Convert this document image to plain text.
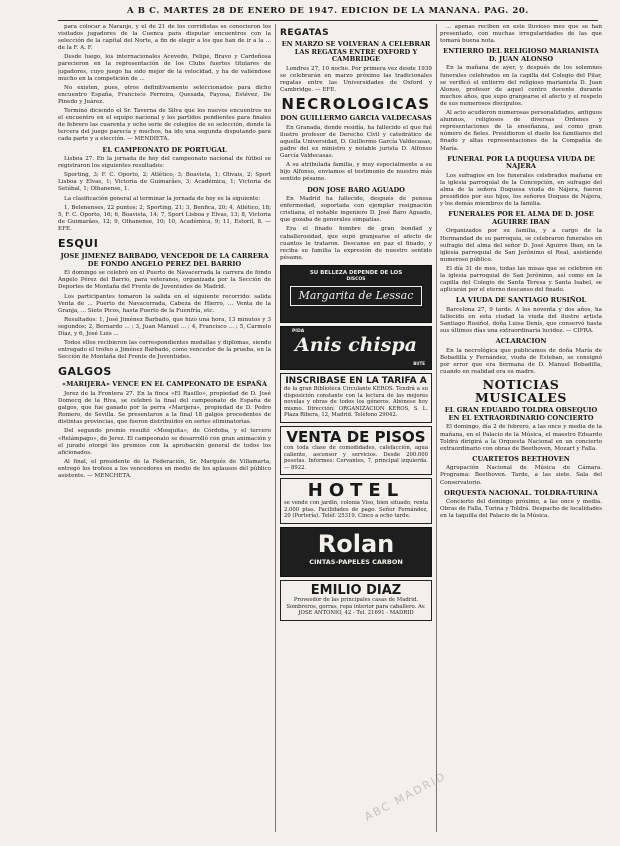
A B C. MARTES 28 DE ENERO DE 1947. EDICION DE LA MAÑANA. PAG. 20.

para colocar a Naranjo, y el de 21 de los corridistas se conocieron los visitados jugadores de la Cuenca para disputar encuentros con la selección de la capital del Norte, a fin de elegir a los que han de ir a la ... de la F. A. F.

Desde luego, los internacionales Acevedo, Felipe, Bravo y Cardeñosa parecieron en la representación de los Clubs fuertes titulares de jugadores, cuyo juego ha sido mejor de la velocidad, y ha de valiéndose mucho en la competición de ...

No existen, pues, otros definitivamente seleccionados para dicho encuentro España, Francisco Ferreira, Quesada, Fayosa, Estévez, De Pinedo y Juárez.

Terminó diciendo el Sr. Taverna de Silva que los nuevos encuentros no el encuentro en el equipo nacional y los partidos pendientes para finales de febrero las cuarenta y ocho serie de colegios de su selección, donde la tercera del juego parecía y muchos, ha ido una segunda disputando para cada parte y a elección. — MENDIETA.

EL CAMPEONATO DE PORTUGAL

Lisboa 27. En la jornada de hoy del campeonato nacional de fútbol se registraron los siguientes resultados:

Sporting, 3; F. C. Oporto, 2; Atlético, 3; Boavista, 1; Olivais, 2; Sport Lisboa y Elvas, 1; Victoria de Guimarães, 3; Académica, 1; Victoria de Setúbal, 1; Olhanense, 1.

La clasificación general al terminar la jornada de hoy es la siguiente:

1, Belenenses, 22 puntos; 2, Sporting, 21; 3, Benfica, 20; 4, Atlético, 18; 5, F. C. Oporto, 16; 6, Boavista, 14; 7, Sport Lisboa y Elvas, 13; 8, Victoria de Guimarães, 12; 9, Olhanense, 10; 10, Académica, 9; 11, Estoril, 8. — EFE.

ESQUI
JOSE JIMENEZ BARBADO, VENCEDOR DE LA CARRERA DE FONDO ANGELO PEREZ DEL BARRIO

El domingo se celebró en el Puerto de Navacerrada la carrera de fondo Ángelo Pérez del Barrio, para veteranos, organizada por la Sección de Deportes de Montaña del Frente de Juventudes de Madrid.

Los participantes tomaron la salida en el siguiente recorrido: salida Venta de ... Puerto de Navacerrada, Cabeza de Hierro, ... Venta de la Granja, ... Siete Picos, hasta Puerto de la Fuenfría, etc.

Resultados: 1, José Jiménez Barbado, que hizo una hora, 13 minutos y 3 segundos; 2, Bernardo ... ; 3, Juan Manuel ... ; 4, Francisco ... ; 5, Carmelo Díaz, y 6, José Luis ...

Todos ellos recibieron las correspondientes medallas y diplomas, siendo entregado el trofeo a Jiménez Barbado, como vencedor de la prueba, en la Sección de Montaña del Frente de Juventudes.

GALGOS
«MARIJERA» VENCE EN EL CAMPEONATO DE ESPAÑA

Jerez de la Frontera 27. En la finca «El Rasillo», propiedad de D. José Domecq de la Riva, se celebró la final del campeonato de España de galgos, que fue ganado por la perra «Marijera», propiedad de D. Pedro Romero, de Sevilla. Se presentaron a la final 18 galgos procedentes de distintas provincias, que fueron distribuidos en series eliminatorias.

Del segundo premio resultó «Mosquita», de Córdoba, y el tercero «Relámpago», de Jerez. El campeonato se desarrolló con gran animación y el jurado otorgó los premios con la aprobación general de todos los aficionados.

Al final, el presidente de la Federación, Sr. Marqués de Villamarta, entregó los trofeos a los vencedores en medio de los aplausos del público asistente. — MENCHETA.

REGATAS
EN MARZO SE VOLVERAN A CELEBRAR LAS REGATAS ENTRE OXFORD Y CAMBRIDGE

Londres 27, 10 noche. Por primera vez desde 1939 se celebrarán en marzo próximo las tradicionales regatas entre las Universidades de Oxford y Cambridge. — EFE.

NECROLOGICAS
DON GUILLERMO GARCIA VALDECASAS

En Granada, donde residía, ha fallecido el que fué ilustre profesor de Derecho Civil y catedrático de aquella Universidad, D. Guillermo García Valdecasas, padre del ex ministro y notable jurista D. Alfonso García Valdecasas.

A su atribulada familia, y muy especialmente a su hijo Alfonso, enviamos el testimonio de nuestro más sentido pésame.

DON JOSE BARO AGUADO

En Madrid ha fallecido, después de penosa enfermedad, soportada con ejemplar resignación cristiana, el notable ingeniero D. José Baro Aguado, que gozaba de generales simpatías.

Era el finado hombre de gran bondad y caballerosidad, que supo granjearse el afecto de cuantos le trataron. Descanse en paz el finado, y reciba su familia la expresión de nuestro sentido pésame.

SU BELLEZA DEPENDE DE LOS
DISCOS
Margarita de Lessac
PIDA
Anis chispa
BUTE
INSCRIBASE EN LA TARIFA A
de la gran Biblioteca Circulante KEROS. Tendrá a su disposición constante con la lectura de las mejores novelas y obras de todos los géneros. Abónese hoy mismo. Dirección: ORGANIZACION KEROS, S. L. Plaza Ribera, 12, Madrid. Teléfono 29042.
VENTA DE PISOS
con toda clase de comodidades, calefacción, agua caliente, ascensor y servicios. Desde 200.000 pesetas. Informes: Cervantes, 7, principal izquierda. — 8922.
HOTEL
se vende con jardín, colonia Viso, bien situado, renta 2.000 ptas. Facilidades de pago. Señor Fernández, 20 (Portería). Teléf. 25319. Cinco a ocho tarde.
Rolan
CINTAS-PAPELES CARBON
EMILIO DIAZ
Proveedor de las principales casas de Madrid. Sombreros, gorras, ropa interior para caballero. Av. JOSE ANTONIO, 42 - Tel. 21691 - MADRID

... apenas reciben en este lluvioso mes que se han presentado, con muchas irregularidades de las que tomará buena nota.

ENTIERRO DEL RELIGIOSO MARIANISTA D. JUAN ALONSO

En la mañana de ayer, y después de los solemnes funerales celebrados en la capilla del Colegio del Pilar, se verificó el entierro del religioso marianista D. Juan Alonso, profesor de aquel centro docente durante muchos años, que supo granjearse el afecto y el respeto de sus numerosos discípulos.

Al acto acudieron numerosas personalidades, antiguos alumnos, religiosos de diversas Órdenes y representaciones de la enseñanza, así como gran número de fieles. Presidieron el duelo los familiares del finado y altas representaciones de la Compañía de María.

FUNERAL POR LA DUQUESA VIUDA DE NAJERA

Los sufragios en los funerales celebrados mañana en la iglesia parroquial de la Concepción, en sufragio del alma de la señora Duquesa viuda de Nájera, fueron presididos por sus hijos, los señores Duques de Nájera, y los demás miembros de la familia.

FUNERALES POR EL ALMA DE D. JOSE AGUIRRE IBAN

Organizados por su familia, y a cargo de la Hermandad de su parroquia, se celebraron funerales en sufragio del alma del señor D. José Aguirre Iban, en la iglesia parroquial de San Jerónimo el Real, asistiendo numeroso público.

El día 31 de mes, todas las misas que se celebren en la iglesia parroquial de San Jerónimo, así como en la capilla del Colegio de Santa Teresa y Santa Isabel, se aplicarán por el eterno descanso del finado.

LA VIUDA DE SANTIAGO RUSIÑOL

Barcelona 27, 9 tarde. A los noventa y dos años, ha fallecido en esta ciudad la viuda del ilustre artista Santiago Rusiñol, doña Luisa Denís, que conservó hasta sus últimos días una extraordinaria lucidez. — CIFRA.

ACLARACION

En la necrológica que publicamos de doña María de Bobadilla y Fernández, viuda de Esteban, se consignó por error que era hermana de D. Manuel Bobadilla, cuando en realidad era su madre.

NOTICIAS MUSICALES
EL GRAN EDUARDO TOLDRA OBSEQUIO EN EL EXTRAORDINARIO CONCIERTO

El domingo, día 2 de febrero, a las once y media de la mañana, en el Palacio de la Música, el maestro Eduardo Toldrá dirigirá a la Orquesta Nacional en un concierto extraordinario con obras de Beethoven, Mozart y Falla.

CUARTETOS BEETHOVEN

Agrupación Nacional de Música de Cámara. Programa: Beethoven. Tarde, a las siete. Sala del Conservatorio.

ORQUESTA NACIONAL. TOLDRA-TURINA

Concierto del domingo próximo, a las once y media. Obras de Falla, Turina y Toldrá. Despacho de localidades en la taquilla del Palacio de la Música.

ABC MADRID
